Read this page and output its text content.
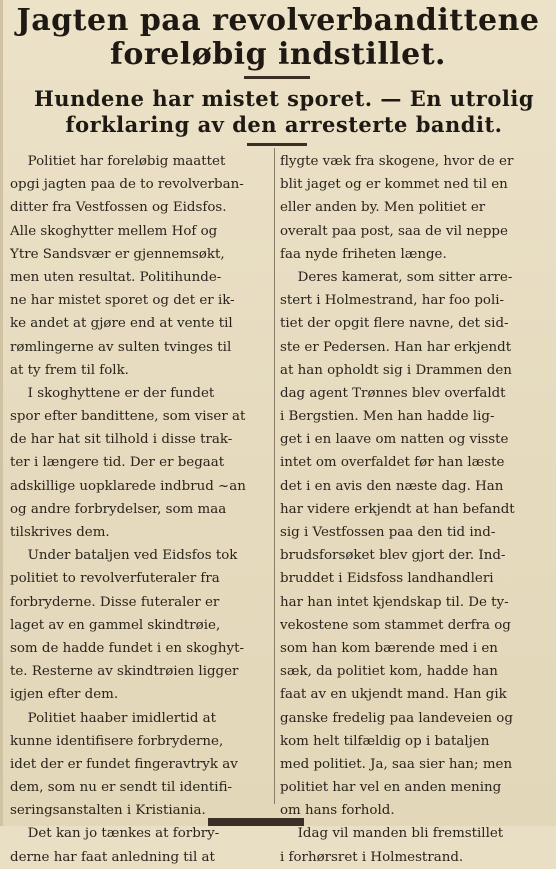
Jagten paa revolverbandittene
foreløbig indstillet.
Hundene har mistet sporet. — En utrolig
forklaring av den arresterte bandit.
  Politiet har foreløbig maattet
opgi jagten paa de to revolverban-
ditter fra Vestfossen og Eidsfos.
Alle skoghytter mellem Hof og
Ytre Sandsvær er gjennemsøkt,
men uten resultat. Politihunde-
ne har mistet sporet og det er ik-
ke andet at gjøre end at vente til
rømlingerne av sulten tvinges til
at ty frem til folk.
  I skoghyttene er der fundet
spor efter bandittene, som viser at
de har hat sit tilhold i disse trak-
ter i længere tid. Der er begaat
adskillige uopklarede indbrud ~an
og andre forbrydelser, som maa
tilskrives dem.
  Under bataljen ved Eidsfos tok
politiet to revolverfuteraler fra
forbryderne. Disse futeraler er
laget av en gammel skindtrøie,
som de hadde fundet i en skoghyt-
te. Resterne av skindtrøien ligger
igjen efter dem.
  Politiet haaber imidlertid at
kunne identifisere forbryderne,
idet der er fundet fingeravtryk av
dem, som nu er sendt til identifi-
seringsanstalten i Kristiania.
  Det kan jo tænkes at forbry-
derne har faat anledning til at
flygte væk fra skogene, hvor de er
blit jaget og er kommet ned til en
eller anden by. Men politiet er
overalt paa post, saa de vil neppe
faa nyde friheten længe.
  Deres kamerat, som sitter arre-
stert i Holmestrand, har foo poli-
tiet der opgit flere navne, det sid-
ste er Pedersen. Han har erkjendt
at han opholdt sig i Drammen den
dag agent Trønnes blev overfaldt
i Bergstien. Men han hadde lig-
get i en laave om natten og visste
intet om overfaldet før han læste
det i en avis den næste dag. Han
har videre erkjendt at han befandt
sig i Vestfossen paa den tid ind-
brudsforsøket blev gjort der. Ind-
bruddet i Eidsfoss landhandleri
har han intet kjendskap til. De ty-
vekostene som stammet derfra og
som han kom bærende med i en
sæk, da politiet kom, hadde han
faat av en ukjendt mand. Han gik
ganske fredelig paa landeveien og
kom helt tilfældig op i bataljen
med politiet. Ja, saa sier han; men
politiet har vel en anden mening
om hans forhold.
  Idag vil manden bli fremstillet
i forhørsret i Holmestrand.
